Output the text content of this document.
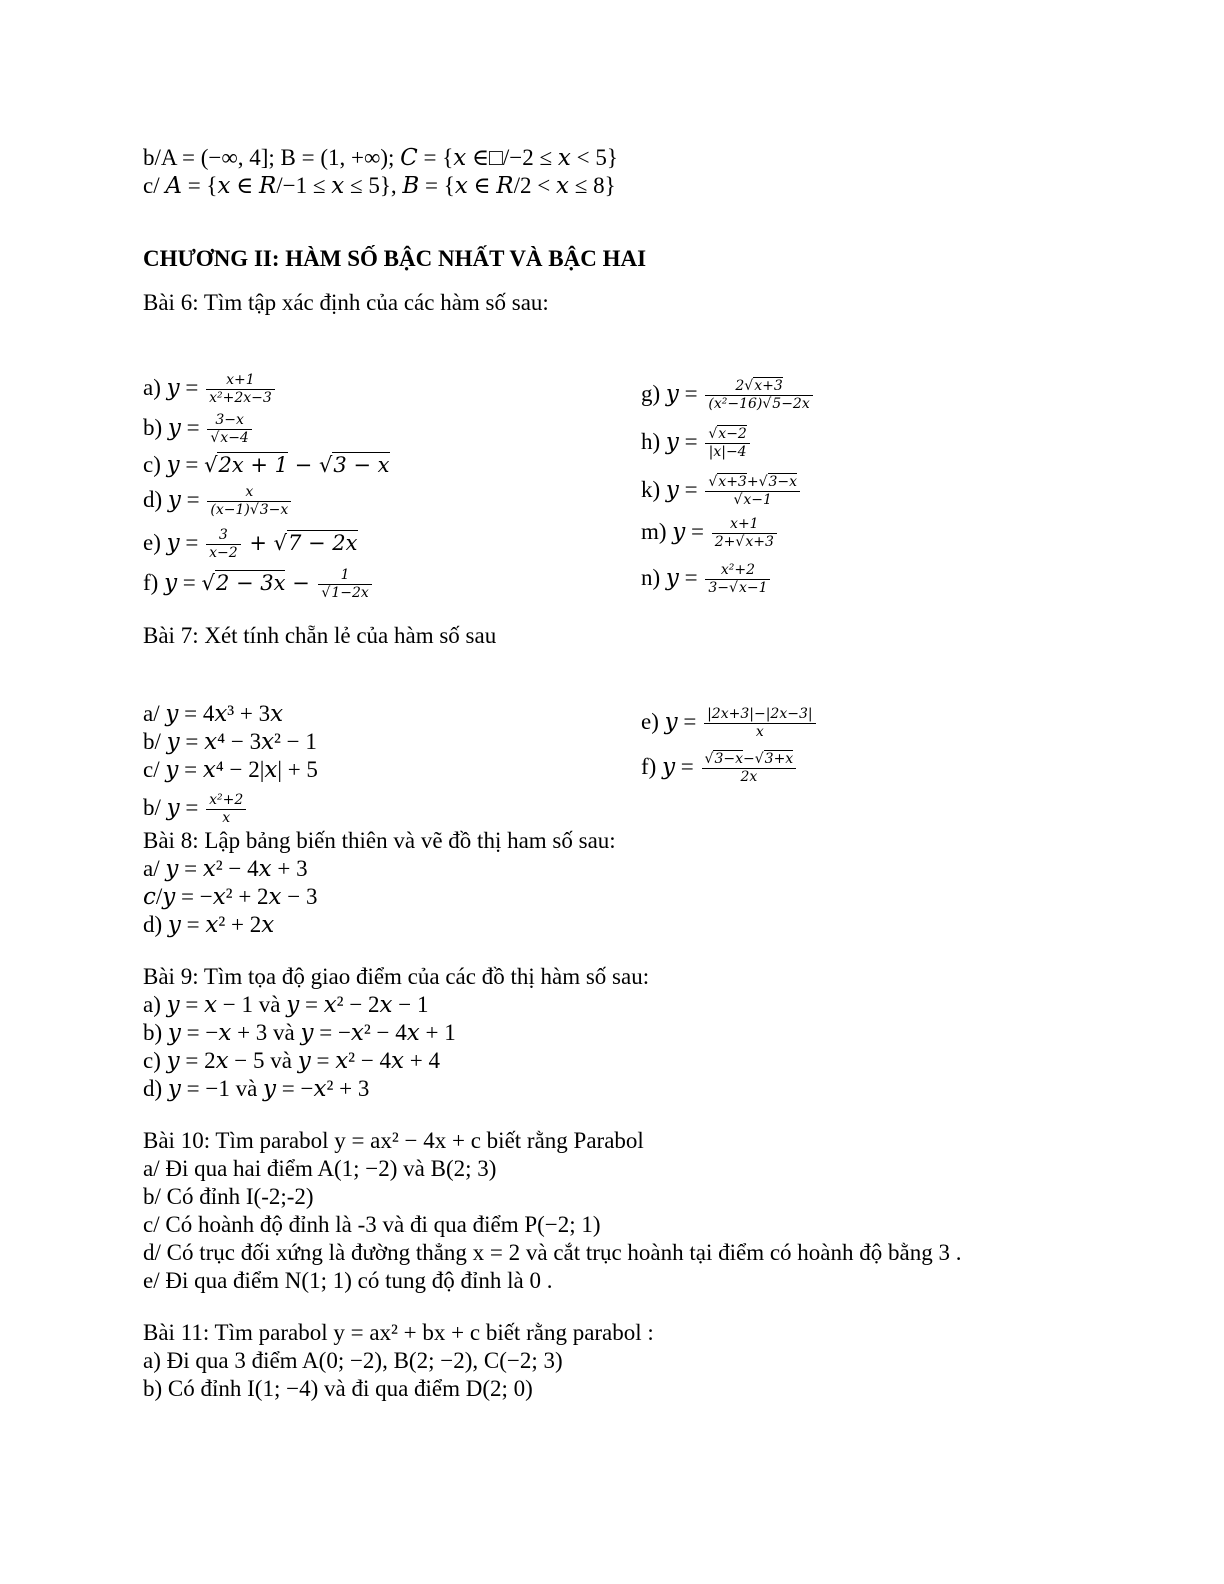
b/A = (−∞, 4]; B = (1, +∞); 𝐶 = {𝑥 ∈□/−2 ≤ 𝑥 < 5}
c/ 𝐴 = {𝑥 ∈ 𝑅/−1 ≤ 𝑥 ≤ 5}, 𝐵 = {𝑥 ∈ 𝑅/2 < 𝑥 ≤ 8}
CHƯƠNG II: HÀM SỐ BẬC NHẤT VÀ BẬC HAI
Bài 6: Tìm tập xác định của các hàm số sau:
a) 𝑦 = $\frac{\text{𝑥+1}}{\text{𝑥²+2𝑥−3}}$
b) 𝑦 = $\frac{\text{3−𝑥}}{\text{√𝑥−4}}$
c) 𝑦 = √2𝑥 + 1 − √3 − 𝑥
d) 𝑦 = $\frac{\text{𝑥}}{\text{(𝑥−1)√3−𝑥}}$
e) 𝑦 = $\frac{3}{\text{𝑥−2}} + √7$ − 2𝑥
f) 𝑦 = √2 − 3𝑥 − $\frac{1}{\text{√1−2𝑥}}$
g) 𝑦 = $\frac{\text{2√𝑥+3}}{\text{(𝑥²−16)√5−2𝑥}}$
h) 𝑦 = $\frac{\text{√𝑥−2}}{\text{|𝑥|−4}}$
k) 𝑦 = $\frac{\text{√𝑥+3+√3−𝑥}}{\text{√𝑥−1}}$
m) 𝑦 = $\frac{\text{𝑥+1}}{\text{2+√𝑥+3}}$
n) 𝑦 = $\frac{\text{𝑥²+2}}{\text{3−√𝑥−1}}$
Bài 7: Xét tính chẵn lẻ của hàm số sau
a/ 𝑦 = 4𝑥³ + 3𝑥
b/ 𝑦 = 𝑥⁴ − 3𝑥² − 1
c/ 𝑦 = 𝑥⁴ − 2|𝑥| + 5
b/ 𝑦 = $\frac{\text{𝑥²+2}}{\text{𝑥}}$
e) 𝑦 = $\frac{\text{|2𝑥+3|−|2𝑥−3|}}{\text{𝑥}}$
f) 𝑦 = $\frac{\text{√3−𝑥−√3+𝑥}}{\text{2𝑥}}$
Bài 8: Lập bảng biến thiên và vẽ đồ thị ham số sau:
a/ 𝑦 = 𝑥² − 4𝑥 + 3
𝑐/𝑦 = −𝑥² + 2𝑥 − 3
d) 𝑦 = 𝑥² + 2𝑥
Bài 9: Tìm tọa độ giao điểm của các đồ thị hàm số sau:
a) 𝑦 = 𝑥 − 1 và 𝑦 = 𝑥² − 2𝑥 − 1
b) 𝑦 = −𝑥 + 3 và 𝑦 = −𝑥² − 4𝑥 + 1
c) 𝑦 = 2𝑥 − 5 và 𝑦 = 𝑥² − 4𝑥 + 4
d) 𝑦 = −1 và 𝑦 = −𝑥² + 3
Bài 10: Tìm parabol y = ax² − 4x + c biết rằng Parabol
a/ Đi qua hai điểm A(1; −2) và B(2; 3)
b/ Có đỉnh I(-2;-2)
c/ Có hoành độ đỉnh là -3 và đi qua điểm P(−2; 1)
d/ Có trục đối xứng là đường thẳng x = 2 và cắt trục hoành tại điểm có hoành độ bằng 3 .
e/ Đi qua điểm N(1; 1) có tung độ đỉnh là 0 .
Bài 11: Tìm parabol y = ax² + bx + c biết rằng parabol :
a) Đi qua 3 điểm A(0; −2), B(2; −2), C(−2; 3)
b) Có đỉnh I(1; −4) và đi qua điểm D(2; 0)
